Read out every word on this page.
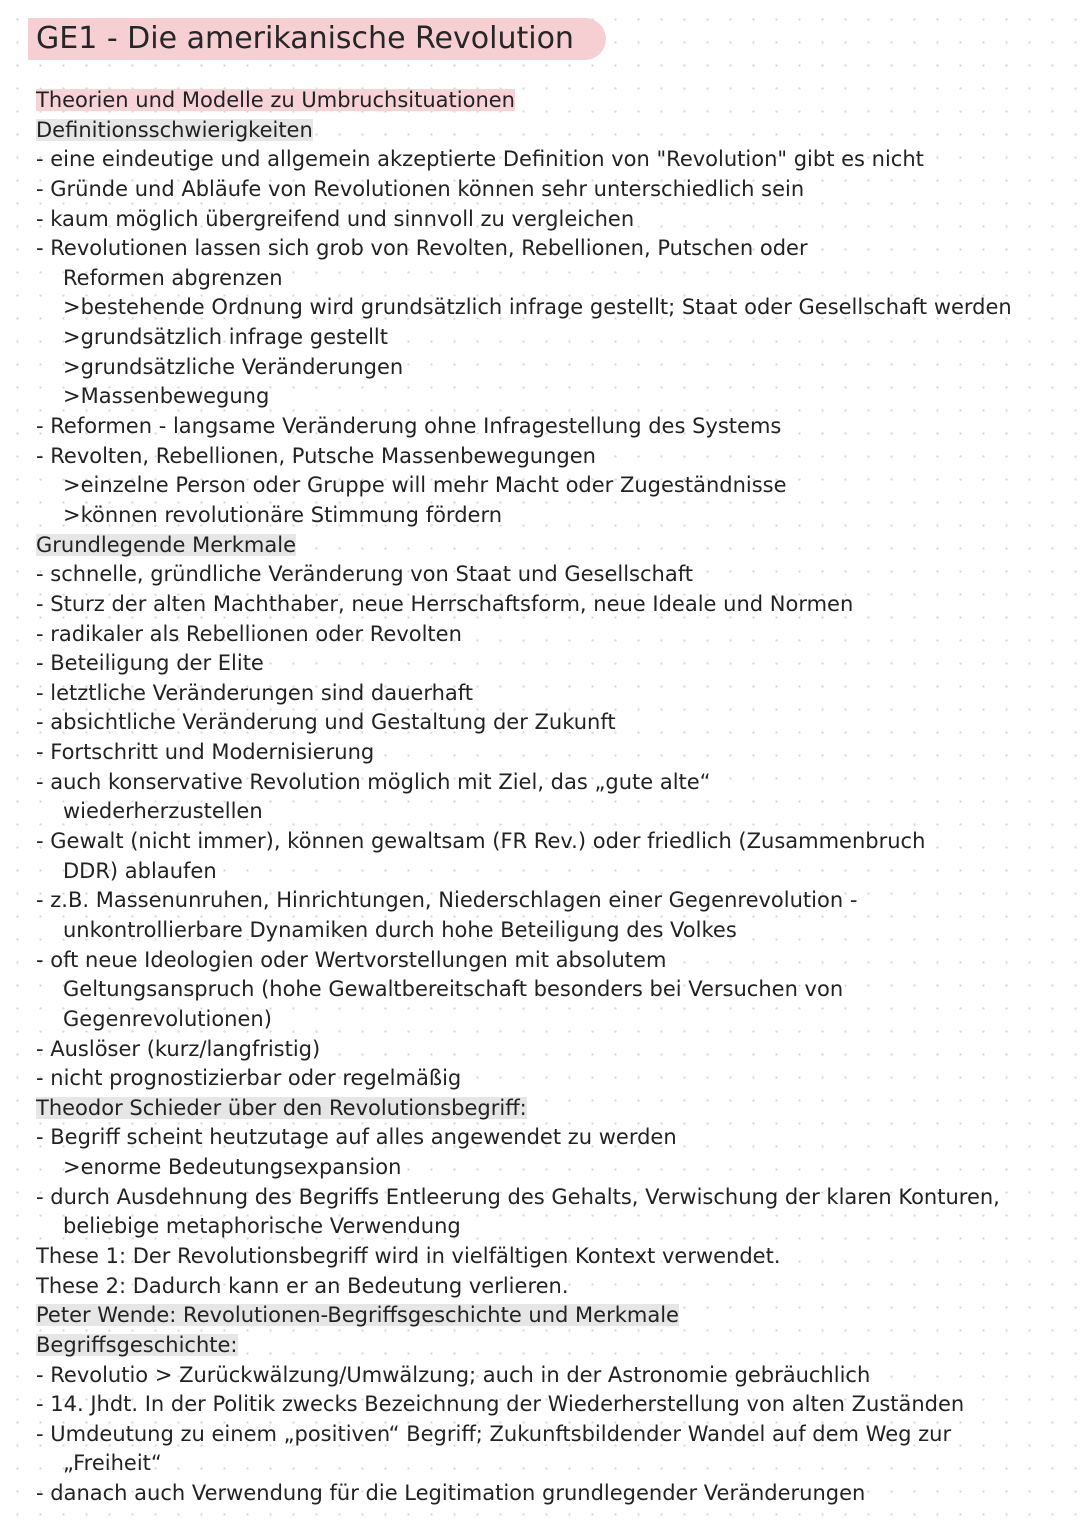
GE1 - Die amerikanische Revolution
Theorien und Modelle zu Umbruchsituationen
Definitionsschwierigkeiten
- eine eindeutige und allgemein akzeptierte Definition von "Revolution" gibt es nicht
- Gründe und Abläufe von Revolutionen können sehr unterschiedlich sein
- kaum möglich übergreifend und sinnvoll zu vergleichen
- Revolutionen lassen sich grob von Revolten, Rebellionen, Putschen oder
Reformen abgrenzen
>bestehende Ordnung wird grundsätzlich infrage gestellt; Staat oder Gesellschaft werden
>grundsätzlich infrage gestellt
>grundsätzliche Veränderungen
>Massenbewegung
- Reformen - langsame Veränderung ohne Infragestellung des Systems
- Revolten, Rebellionen, Putsche Massenbewegungen
>einzelne Person oder Gruppe will mehr Macht oder Zugeständnisse
>können revolutionäre Stimmung fördern
Grundlegende Merkmale
- schnelle, gründliche Veränderung von Staat und Gesellschaft
- Sturz der alten Machthaber, neue Herrschaftsform, neue Ideale und Normen
- radikaler als Rebellionen oder Revolten
- Beteiligung der Elite
- letztliche Veränderungen sind dauerhaft
- absichtliche Veränderung und Gestaltung der Zukunft
- Fortschritt und Modernisierung
- auch konservative Revolution möglich mit Ziel, das „gute alte“
wiederherzustellen
- Gewalt (nicht immer), können gewaltsam (FR Rev.) oder friedlich (Zusammenbruch
DDR) ablaufen
- z.B. Massenunruhen, Hinrichtungen, Niederschlagen einer Gegenrevolution -
unkontrollierbare Dynamiken durch hohe Beteiligung des Volkes
- oft neue Ideologien oder Wertvorstellungen mit absolutem
Geltungsanspruch (hohe Gewaltbereitschaft besonders bei Versuchen von
Gegenrevolutionen)
- Auslöser (kurz/langfristig)
- nicht prognostizierbar oder regelmäßig
Theodor Schieder über den Revolutionsbegriff:
- Begriff scheint heutzutage auf alles angewendet zu werden
>enorme Bedeutungsexpansion
- durch Ausdehnung des Begriffs Entleerung des Gehalts, Verwischung der klaren Konturen,
beliebige metaphorische Verwendung
These 1: Der Revolutionsbegriff wird in vielfältigen Kontext verwendet.
These 2: Dadurch kann er an Bedeutung verlieren.
Peter Wende: Revolutionen-Begriffsgeschichte und Merkmale
Begriffsgeschichte:
- Revolutio > Zurückwälzung/Umwälzung; auch in der Astronomie gebräuchlich
- 14. Jhdt. In der Politik zwecks Bezeichnung der Wiederherstellung von alten Zuständen
- Umdeutung zu einem „positiven“ Begriff; Zukunftsbildender Wandel auf dem Weg zur
„Freiheit“
- danach auch Verwendung für die Legitimation grundlegender Veränderungen
